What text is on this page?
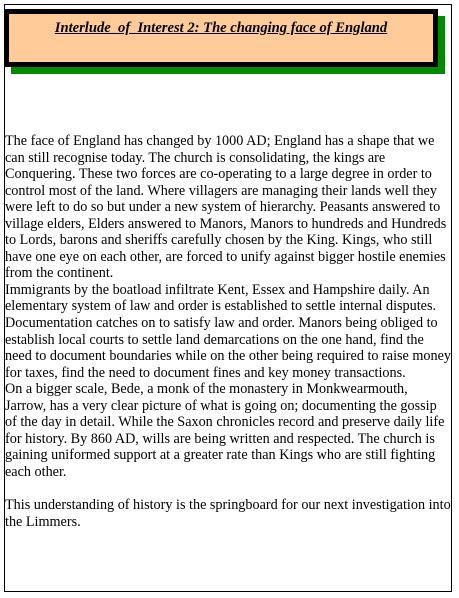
Interlude_of_Interest 2: The changing face of England

The face of England has changed by 1000 AD; England has a shape that we can still recognise today. The church is consolidating, the kings are Conquering. These two forces are co-operating to a large degree in order to control most of the land. Where villagers are managing their lands well they were left to do so but under a new system of hierarchy. Peasants answered to village elders, Elders answered to Manors, Manors to hundreds and Hundreds to Lords, barons and sheriffs carefully chosen by the King. Kings, who still have one eye on each other, are forced to unify against bigger hostile enemies from the continent.

Immigrants by the boatload infiltrate Kent, Essex and Hampshire daily. An elementary system of law and order is established to settle internal disputes. Documentation catches on to satisfy law and order. Manors being obliged to establish local courts to settle land demarcations on the one hand, find the need to document boundaries while on the other being required to raise money for taxes, find the need to document fines and key money transactions.

On a bigger scale, Bede, a monk of the monastery in Monkwearmouth, Jarrow, has a very clear picture of what is going on; documenting the gossip of the day in detail. While the Saxon chronicles record and preserve daily life for history. By 860 AD, wills are being written and respected. The church is gaining uniformed support at a greater rate than Kings who are still fighting each other.

This understanding of history is the springboard for our next investigation into the Limmers.
